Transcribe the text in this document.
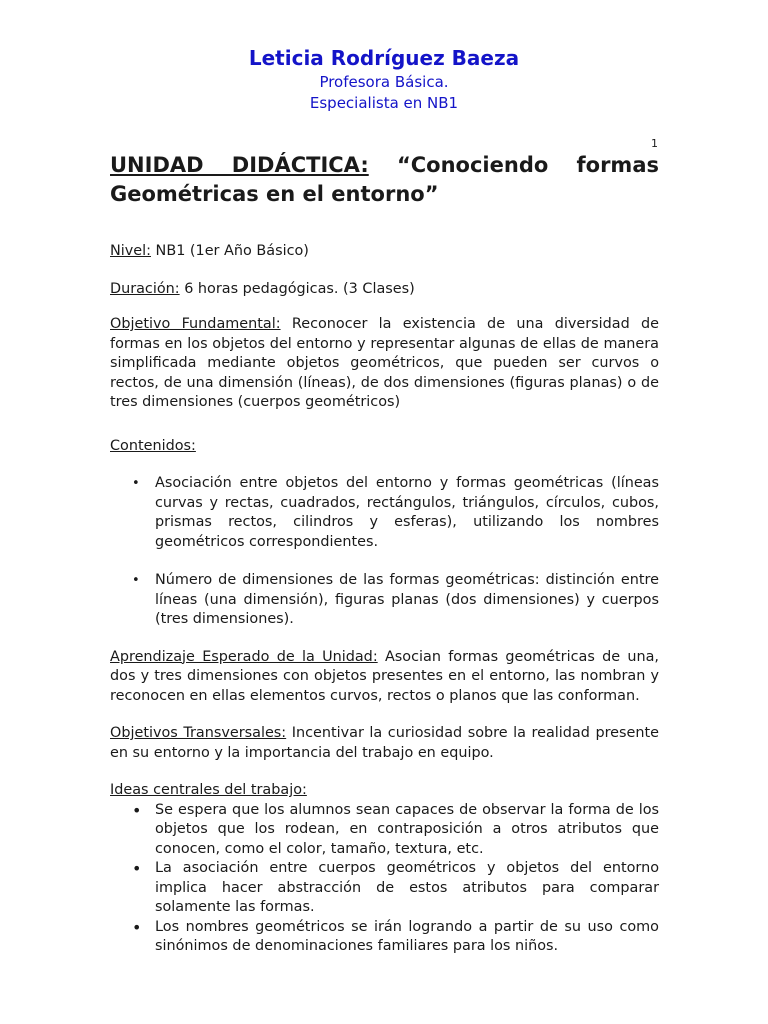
Leticia Rodríguez Baeza
Profesora Básica.
Especialista en NB1
1
UNIDAD DIDÁCTICA: “Conociendo formas Geométricas en el entorno”

Nivel: NB1 (1er Año Básico)

Duración: 6 horas pedagógicas. (3 Clases)

Objetivo Fundamental: Reconocer la existencia de una diversidad de formas en los objetos del entorno y representar algunas de ellas de manera simplificada mediante objetos geométricos, que pueden ser curvos o rectos, de una dimensión (líneas), de dos dimensiones (figuras planas) o de tres dimensiones (cuerpos geométricos)

Contenidos:

• Asociación entre objetos del entorno y formas geométricas (líneas curvas y rectas, cuadrados, rectángulos, triángulos, círculos, cubos, prismas rectos, cilindros y esferas), utilizando los nombres geométricos correspondientes.
• Número de dimensiones de las formas geométricas: distinción entre líneas (una dimensión), figuras planas (dos dimensiones) y cuerpos (tres dimensiones).

Aprendizaje Esperado de la Unidad: Asocian formas geométricas de una, dos y tres dimensiones con objetos presentes en el entorno, las nombran y reconocen en ellas elementos curvos, rectos o planos que las conforman.

Objetivos Transversales: Incentivar la curiosidad sobre la realidad presente en su entorno y la importancia del trabajo en equipo.

Ideas centrales del trabajo:

• Se espera que los alumnos sean capaces de observar la forma de los objetos que los rodean, en contraposición a otros atributos que conocen, como el color, tamaño, textura, etc.
• La asociación entre cuerpos geométricos y objetos del entorno implica hacer abstracción de estos atributos para comparar solamente las formas.
• Los nombres geométricos se irán logrando a partir de su uso como sinónimos de denominaciones familiares para los niños.
